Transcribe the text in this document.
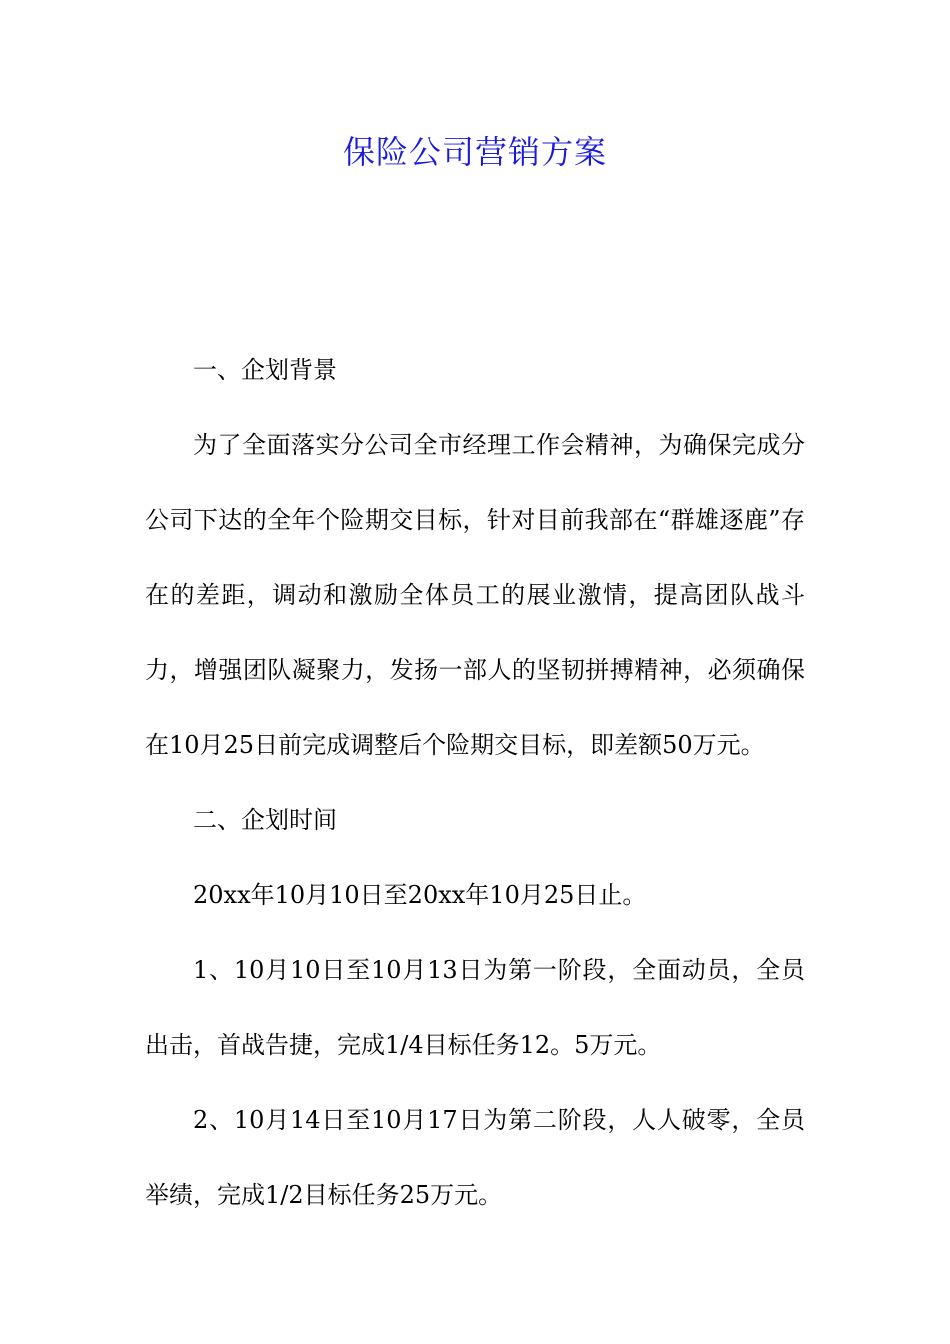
保险公司营销方案

一、企划背景

为了全面落实分公司全市经理工作会精神，为确保完成分公司下达的全年个险期交目标，针对目前我部在“群雄逐鹿”存在的差距，调动和激励全体员工的展业激情，提高团队战斗力，增强团队凝聚力，发扬一部人的坚韧拼搏精神，必须确保在10月25日前完成调整后个险期交目标，即差额50万元。

二、企划时间

20xx年10月10日至20xx年10月25日止。

1、10月10日至10月13日为第一阶段，全面动员，全员出击，首战告捷，完成1/4目标任务12。5万元。

2、10月14日至10月17日为第二阶段，人人破零，全员举绩，完成1/2目标任务25万元。
